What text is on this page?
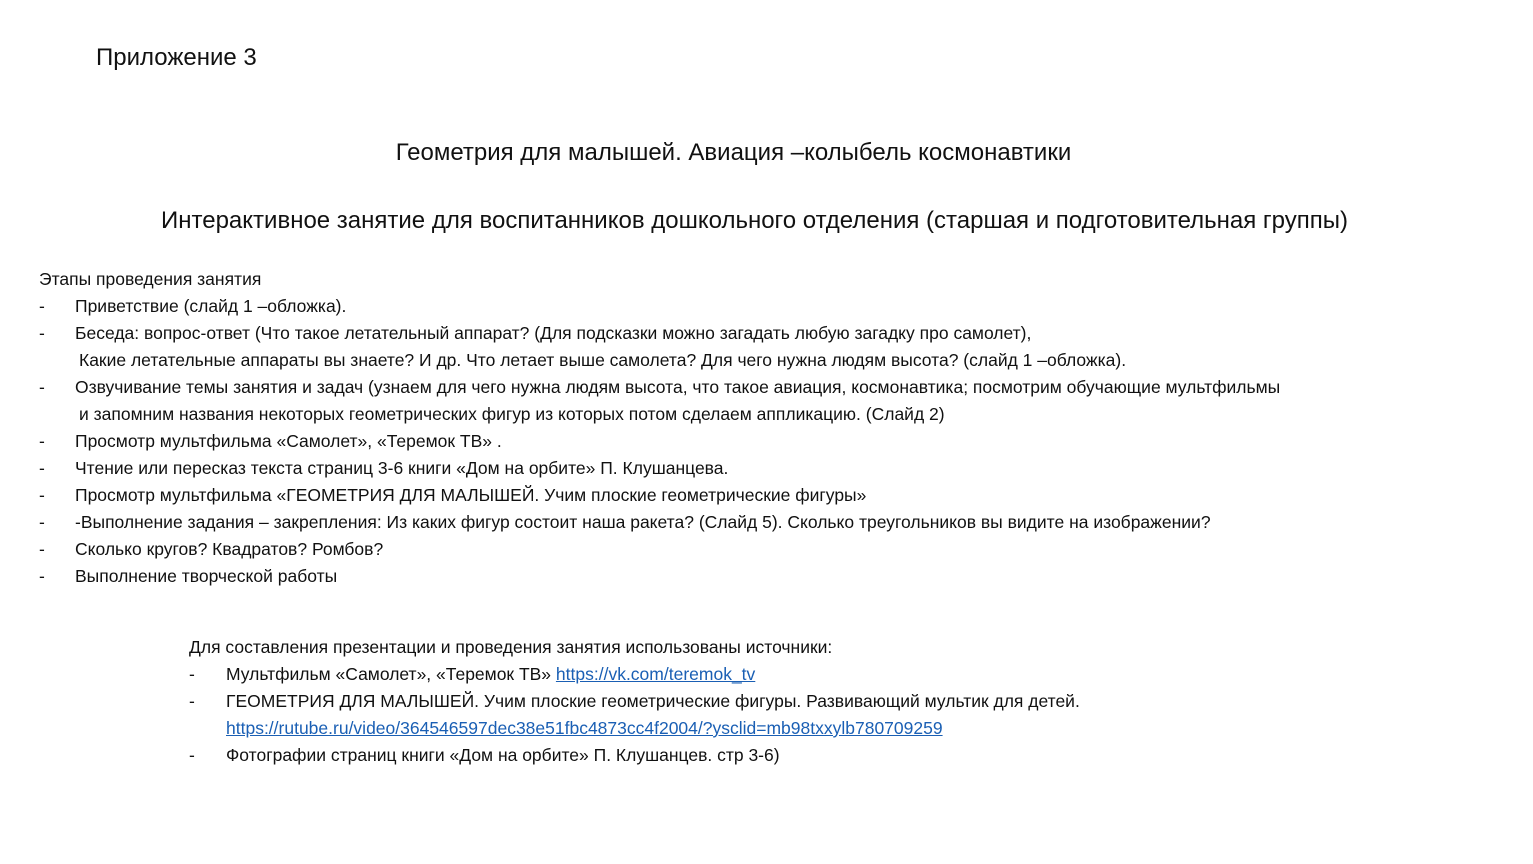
Приложение 3
Геометрия для малышей. Авиация –колыбель космонавтики
Интерактивное занятие для воспитанников дошкольного отделения (старшая и подготовительная группы)
Этапы проведения занятия
- Приветствие (слайд 1 –обложка).
- Беседа: вопрос-ответ (Что такое летательный аппарат? (Для подсказки можно загадать любую загадку про самолет),
Какие летательные аппараты вы знаете? И др. Что летает выше самолета? Для чего нужна людям высота? (слайд 1 –обложка).
- Озвучивание темы занятия и задач (узнаем для чего нужна людям высота, что такое авиация, космонавтика; посмотрим обучающие мультфильмы
и запомним названия некоторых геометрических фигур из которых потом сделаем аппликацию. (Слайд 2)
- Просмотр мультфильма «Самолет», «Теремок ТВ» .
- Чтение или пересказ текста страниц 3-6 книги «Дом на орбите» П. Клушанцева.
- Просмотр мультфильма «ГЕОМЕТРИЯ ДЛЯ МАЛЫШЕЙ. Учим плоские геометрические фигуры»
- -Выполнение задания – закрепления: Из каких фигур состоит наша ракета? (Слайд 5). Сколько треугольников вы видите на изображении?
- Сколько кругов? Квадратов? Ромбов?
- Выполнение творческой работы
Для составления презентации и проведения занятия использованы источники:
- Мультфильм «Самолет», «Теремок ТВ» https://vk.com/teremok_tv
- ГЕОМЕТРИЯ ДЛЯ МАЛЫШЕЙ. Учим плоские геометрические фигуры. Развивающий мультик для детей.
https://rutube.ru/video/364546597dec38e51fbc4873cc4f2004/?ysclid=mb98txxylb780709259
- Фотографии страниц книги «Дом на орбите» П. Клушанцев. стр 3-6)
